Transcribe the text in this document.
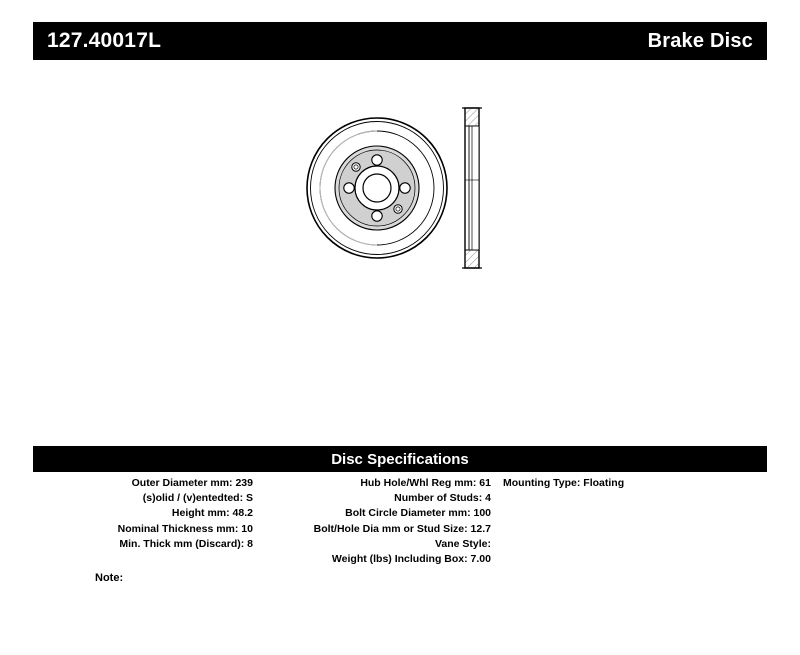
127.40017L	Brake Disc
Disc Specifications
Outer Diameter mm: 239
(s)olid / (v)entedted: S
Height mm: 48.2
Nominal Thickness mm: 10
Min. Thick mm (Discard): 8
Hub Hole/Whl Reg mm: 61
Number of Studs: 4
Bolt Circle Diameter mm: 100
Bolt/Hole Dia mm or Stud Size: 12.7
Vane Style:
Weight (lbs) Including Box: 7.00
Mounting Type: Floating
Note:
